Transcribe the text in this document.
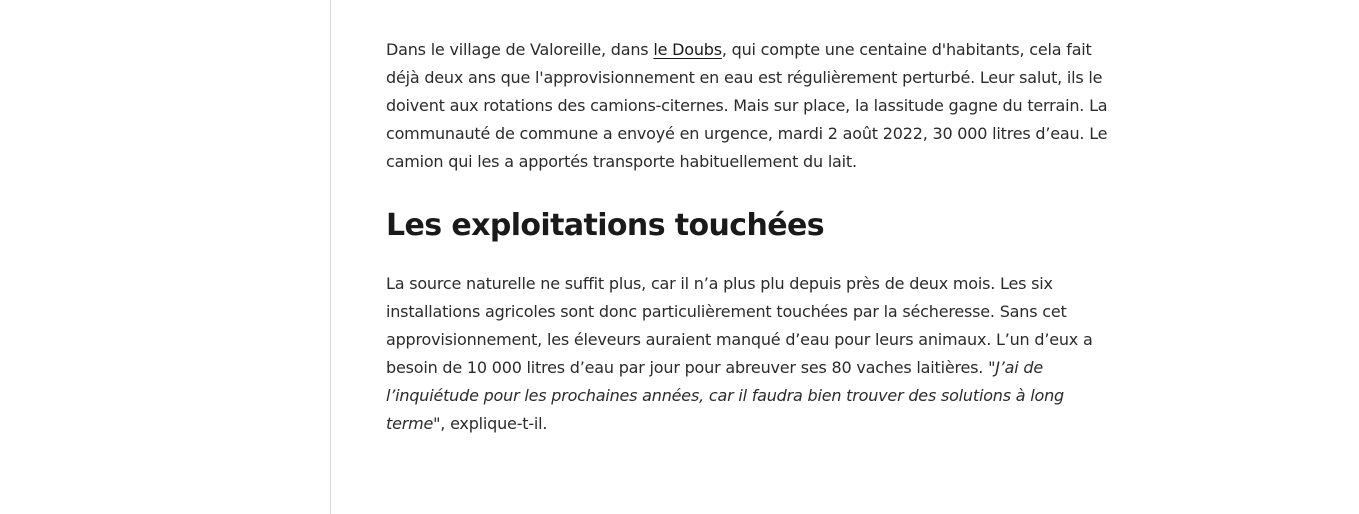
Dans le village de Valoreille, dans le Doubs, qui compte une centaine d'habitants, cela fait déjà deux ans que l'approvisionnement en eau est régulièrement perturbé. Leur salut, ils le doivent aux rotations des camions-citernes. Mais sur place, la lassitude gagne du terrain. La communauté de commune a envoyé en urgence, mardi 2 août 2022, 30 000 litres d’eau. Le camion qui les a apportés transporte habituellement du lait.

Les exploitations touchées

La source naturelle ne suffit plus, car il n’a plus plu depuis près de deux mois. Les six installations agricoles sont donc particulièrement touchées par la sécheresse. Sans cet approvisionnement, les éleveurs auraient manqué d’eau pour leurs animaux. L’un d’eux a besoin de 10 000 litres d’eau par jour pour abreuver ses 80 vaches laitières. "J’ai de l’inquiétude pour les prochaines années, car il faudra bien trouver des solutions à long terme", explique-t-il.
